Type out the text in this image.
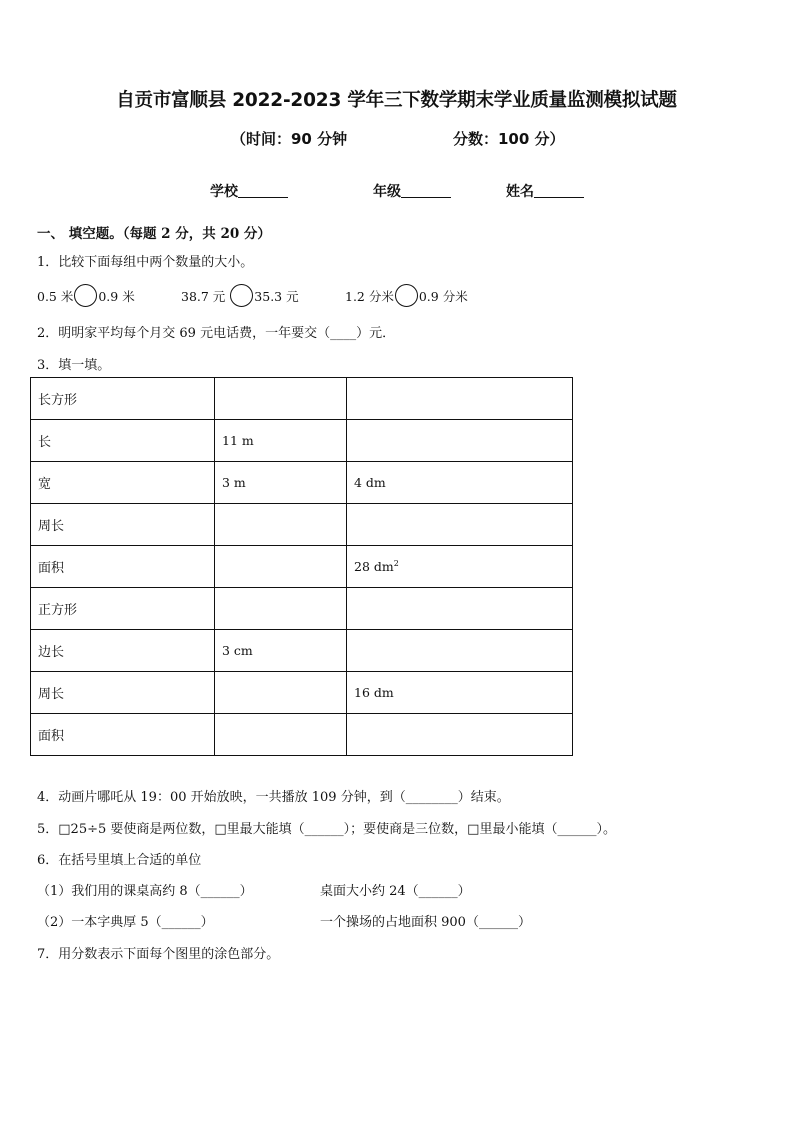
自贡市富顺县 2022-2023 学年三下数学期末学业质量监测模拟试题
（时间：90 分钟	分数：100 分）
学校	年级	姓名
一、 填空题。（每题 2 分，共 20 分）
1．比较下面每组中两个数量的大小。
0.5 米 0.9 米	38.7 元 35.3 元	1.2 分米 0.9 分米
2．明明家平均每个月交 69 元电话费，一年要交（____）元．
3．填一填。
长方形		
长	11 m	
宽	3 m	4 dm
周长		
面积		28 $dm^2$
正方形		
边长	3 cm	
周长		16 dm
面积		
4．动画片哪吒从 19：00 开始放映，一共播放 109 分钟，到（________）结束。
5．□25÷5 要使商是两位数，□里最大能填（______）；要使商是三位数，□里最小能填（______）。
6．在括号里填上合适的单位
（1）我们用的课桌高约 8（______）	桌面大小约 24（______）
（2）一本字典厚 5（______）	一个操场的占地面积 900（______）
7．用分数表示下面每个图里的涂色部分。
